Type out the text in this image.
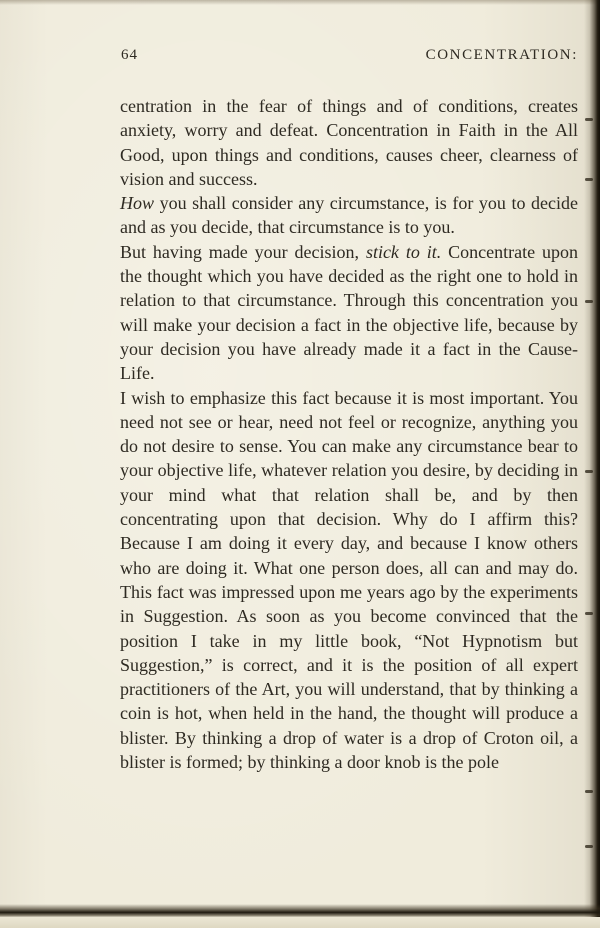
64	CONCENTRATION:

centration in the fear of things and of conditions, creates anxiety, worry and defeat. Concentration in Faith in the All Good, upon things and conditions, causes cheer, clearness of vision and success.

How you shall consider any circumstance, is for you to decide and as you decide, that circumstance is to you.

But having made your decision, stick to it. Concentrate upon the thought which you have decided as the right one to hold in relation to that circumstance. Through this concentration you will make your decision a fact in the objective life, because by your decision you have already made it a fact in the Cause-Life.

I wish to emphasize this fact because it is most important. You need not see or hear, need not feel or recognize, anything you do not desire to sense. You can make any circumstance bear to your objective life, whatever relation you desire, by deciding in your mind what that relation shall be, and by then concentrating upon that decision. Why do I affirm this? Because I am doing it every day, and because I know others who are doing it. What one person does, all can and may do. This fact was impressed upon me years ago by the experiments in Suggestion. As soon as you become convinced that the position I take in my little book, “Not Hypnotism but Suggestion,” is correct, and it is the position of all expert practitioners of the Art, you will understand, that by thinking a coin is hot, when held in the hand, the thought will produce a blister. By thinking a drop of water is a drop of Croton oil, a blister is formed; by thinking a door knob is the pole
